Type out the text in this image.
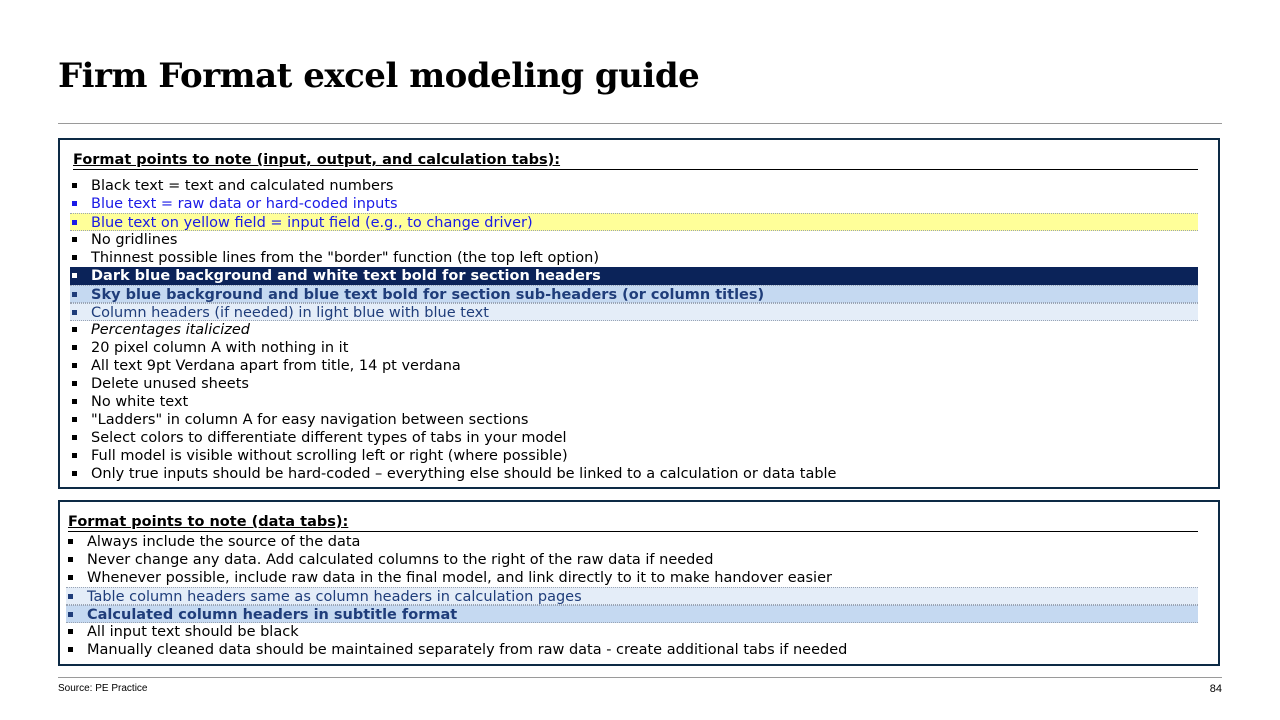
Firm Format excel modeling guide
Format points to note (input, output, and calculation tabs):
Black text = text and calculated numbers
Blue text = raw data or hard-coded inputs
Blue text on yellow field = input field (e.g., to change driver)
No gridlines
Thinnest possible lines from the "border" function (the top left option)
Dark blue background and white text bold for section headers
Sky blue background and blue text bold for section sub-headers (or column titles)
Column headers (if needed) in light blue with blue text
Percentages italicized
20 pixel column A with nothing in it
All text 9pt Verdana apart from title, 14 pt verdana
Delete unused sheets
No white text
"Ladders" in column A for easy navigation between sections
Select colors to differentiate different types of tabs in your model
Full model is visible without scrolling left or right (where possible)
Only true inputs should be hard-coded – everything else should be linked to a calculation or data table
Format points to note (data tabs):
Always include the source of the data
Never change any data. Add calculated columns to the right of the raw data if needed
Whenever possible, include raw data in the final model, and link directly to it to make handover easier
Table column headers same as column headers in calculation pages
Calculated column headers in subtitle format
All input text should be black
Manually cleaned data should be maintained separately from raw data - create additional tabs if needed
Source: PE Practice	84
